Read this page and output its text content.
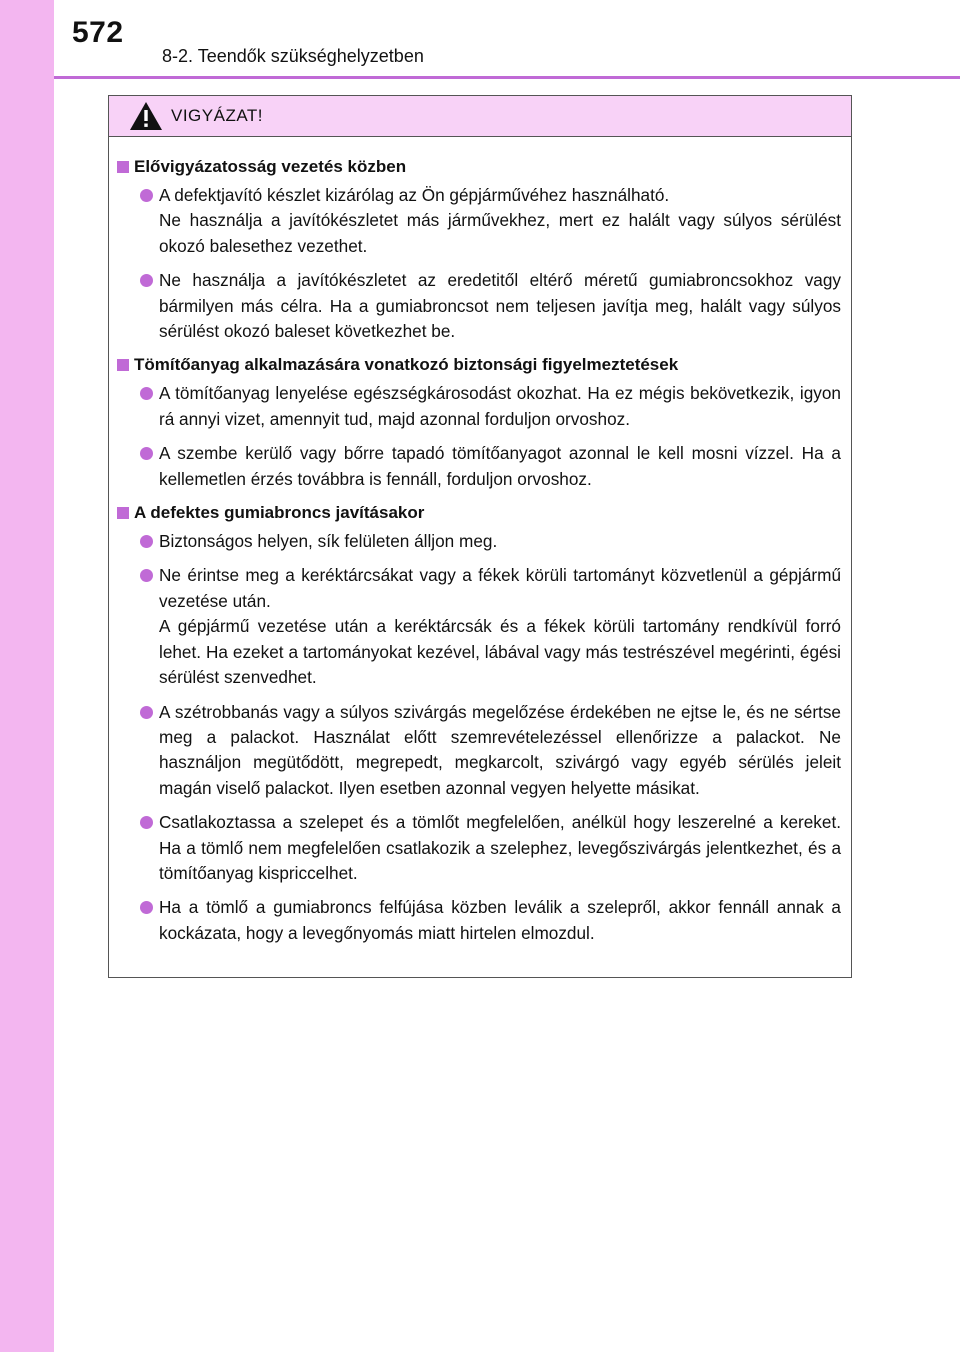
572
8-2. Teendők szükséghelyzetben
VIGYÁZAT!
Elővigyázatosság vezetés közben
A defektjavító készlet kizárólag az Ön gépjárművéhez használható.
Ne használja a javítókészletet más járművekhez, mert ez halált vagy súlyos sérülést okozó balesethez vezethet.
Ne használja a javítókészletet az eredetitől eltérő méretű gumiabroncsokhoz vagy bármilyen más célra. Ha a gumiabroncsot nem teljesen javítja meg, halált vagy súlyos sérülést okozó baleset következhet be.
Tömítőanyag alkalmazására vonatkozó biztonsági figyelmeztetések
A tömítőanyag lenyelése egészségkárosodást okozhat. Ha ez mégis bekövetkezik, igyon rá annyi vizet, amennyit tud, majd azonnal forduljon orvoshoz.
A szembe kerülő vagy bőrre tapadó tömítőanyagot azonnal le kell mosni vízzel. Ha a kellemetlen érzés továbbra is fennáll, forduljon orvoshoz.
A defektes gumiabroncs javításakor
Biztonságos helyen, sík felületen álljon meg.
Ne érintse meg a keréktárcsákat vagy a fékek körüli tartományt közvetlenül a gépjármű vezetése után.
A gépjármű vezetése után a keréktárcsák és a fékek körüli tartomány rendkívül forró lehet. Ha ezeket a tartományokat kezével, lábával vagy más testrészével megérinti, égési sérülést szenvedhet.
A szétrobbanás vagy a súlyos szivárgás megelőzése érdekében ne ejtse le, és ne sértse meg a palackot. Használat előtt szemrevételezéssel ellenőrizze a palackot. Ne használjon megütődött, megrepedt, megkarcolt, szivárgó vagy egyéb sérülés jeleit magán viselő palackot. Ilyen esetben azonnal vegyen helyette másikat.
Csatlakoztassa a szelepet és a tömlőt megfelelően, anélkül hogy leszerelné a kereket. Ha a tömlő nem megfelelően csatlakozik a szelephez, levegőszivárgás jelentkezhet, és a tömítőanyag kispriccelhet.
Ha a tömlő a gumiabroncs felfújása közben leválik a szelepről, akkor fennáll annak a kockázata, hogy a levegőnyomás miatt hirtelen elmozdul.
